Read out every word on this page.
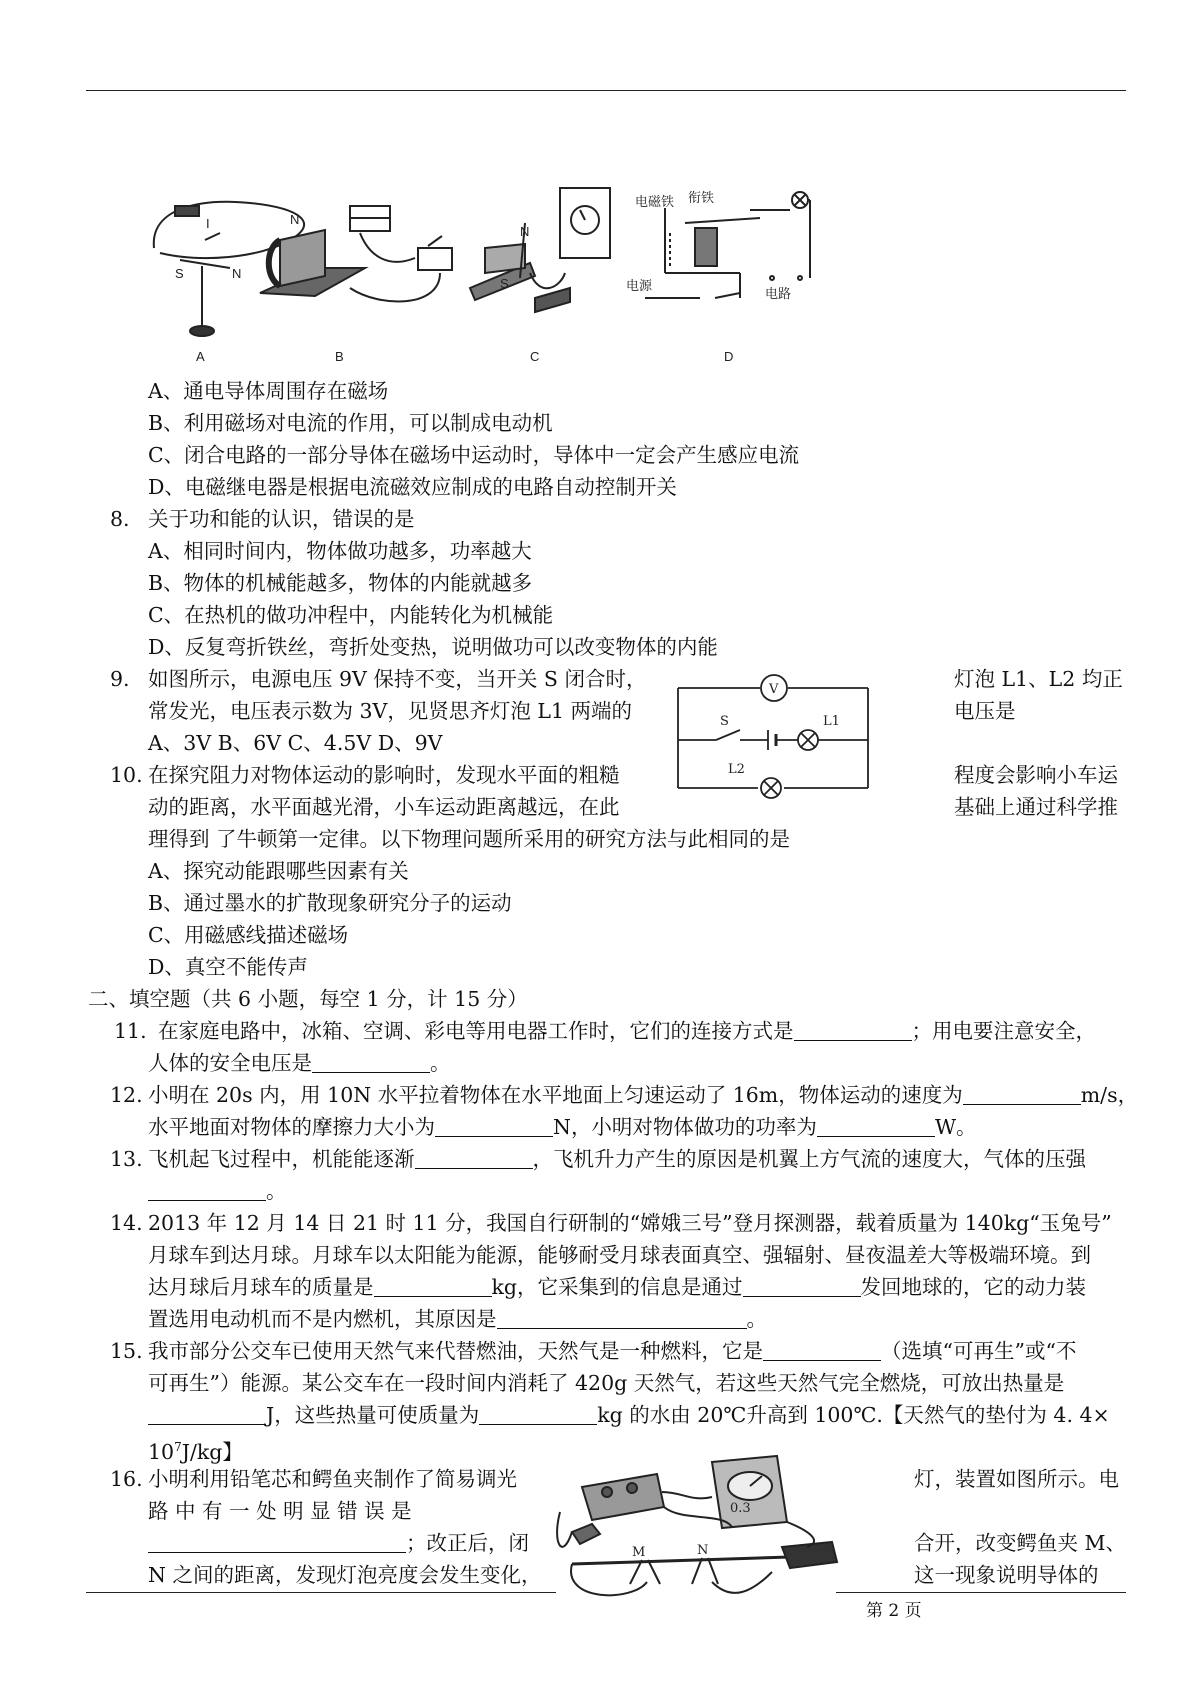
I
S	N
A
N
B
N
S
C
电磁铁 衔铁
电源
电路
D
A、通电导体周围存在磁场
B、利用磁场对电流的作用，可以制成电动机
C、闭合电路的一部分导体在磁场中运动时，导体中一定会产生感应电流
D、电磁继电器是根据电流磁效应制成的电路自动控制开关
8. 关于功和能的认识，错误的是
A、相同时间内，物体做功越多，功率越大
B、物体的机械能越多，物体的内能就越多
C、在热机的做功冲程中，内能转化为机械能
D、反复弯折铁丝，弯折处变热，说明做功可以改变物体的内能
9. 如图所示，电源电压 9V 保持不变，当开关 S 闭合时，	灯泡 L1、L2 均正
常发光，电压表示数为 3V，见贤思齐灯泡 L1 两端的	电压是
A、3V B、6V C、4.5V D、9V
V
S	L1
L2
10. 在探究阻力对物体运动的影响时，发现水平面的粗糙	程度会影响小车运
动的距离，水平面越光滑，小车运动距离越远，在此	基础上通过科学推
理得到 了牛顿第一定律。以下物理问题所采用的研究方法与此相同的是
A、探究动能跟哪些因素有关
B、通过墨水的扩散现象研究分子的运动
C、用磁感线描述磁场
D、真空不能传声
二、填空题（共 6 小题，每空 1 分，计 15 分）
11. 在家庭电路中，冰箱、空调、彩电等用电器工作时，它们的连接方式是	；用电要注意安全，
人体的安全电压是	。
12. 小明在 20s 内，用 10N 水平拉着物体在水平地面上匀速运动了 16m，物体运动的速度为	m/s，
水平地面对物体的摩擦力大小为	N，小明对物体做功的功率为	W。
13. 飞机起飞过程中，机能能逐渐	，飞机升力产生的原因是机翼上方气流的速度大，气体的压强
。
14. 2013 年 12 月 14 日 21 时 11 分，我国自行研制的“嫦娥三号”登月探测器，载着质量为 140kg“玉兔号”
月球车到达月球。月球车以太阳能为能源，能够耐受月球表面真空、强辐射、昼夜温差大等极端环境。到
达月球后月球车的质量是	kg，它采集到的信息是通过	发回地球的，它的动力装
置选用电动机而不是内燃机，其原因是	。
15. 我市部分公交车已使用天然气来代替燃油，天然气是一种燃料，它是	（选填“可再生”或“不
可再生”）能源。某公交车在一段时间内消耗了 420g 天然气，若这些天然气完全燃烧，可放出热量是
J，这些热量可使质量为	kg 的水由 20℃升高到 100℃.【天然气的垫付为 4. 4×
$10^7J/kg$】
16. 小明利用铅笔芯和鳄鱼夹制作了简易调光	灯，装置如图所示。电
路 中 有 一 处 明 显 错 误 是
合开，改变鳄鱼夹 M、
；改正后，闭
N 之间的距离，发现灯泡亮度会发生变化，	这一现象说明导体的
M	N
0.3
第 2 页
